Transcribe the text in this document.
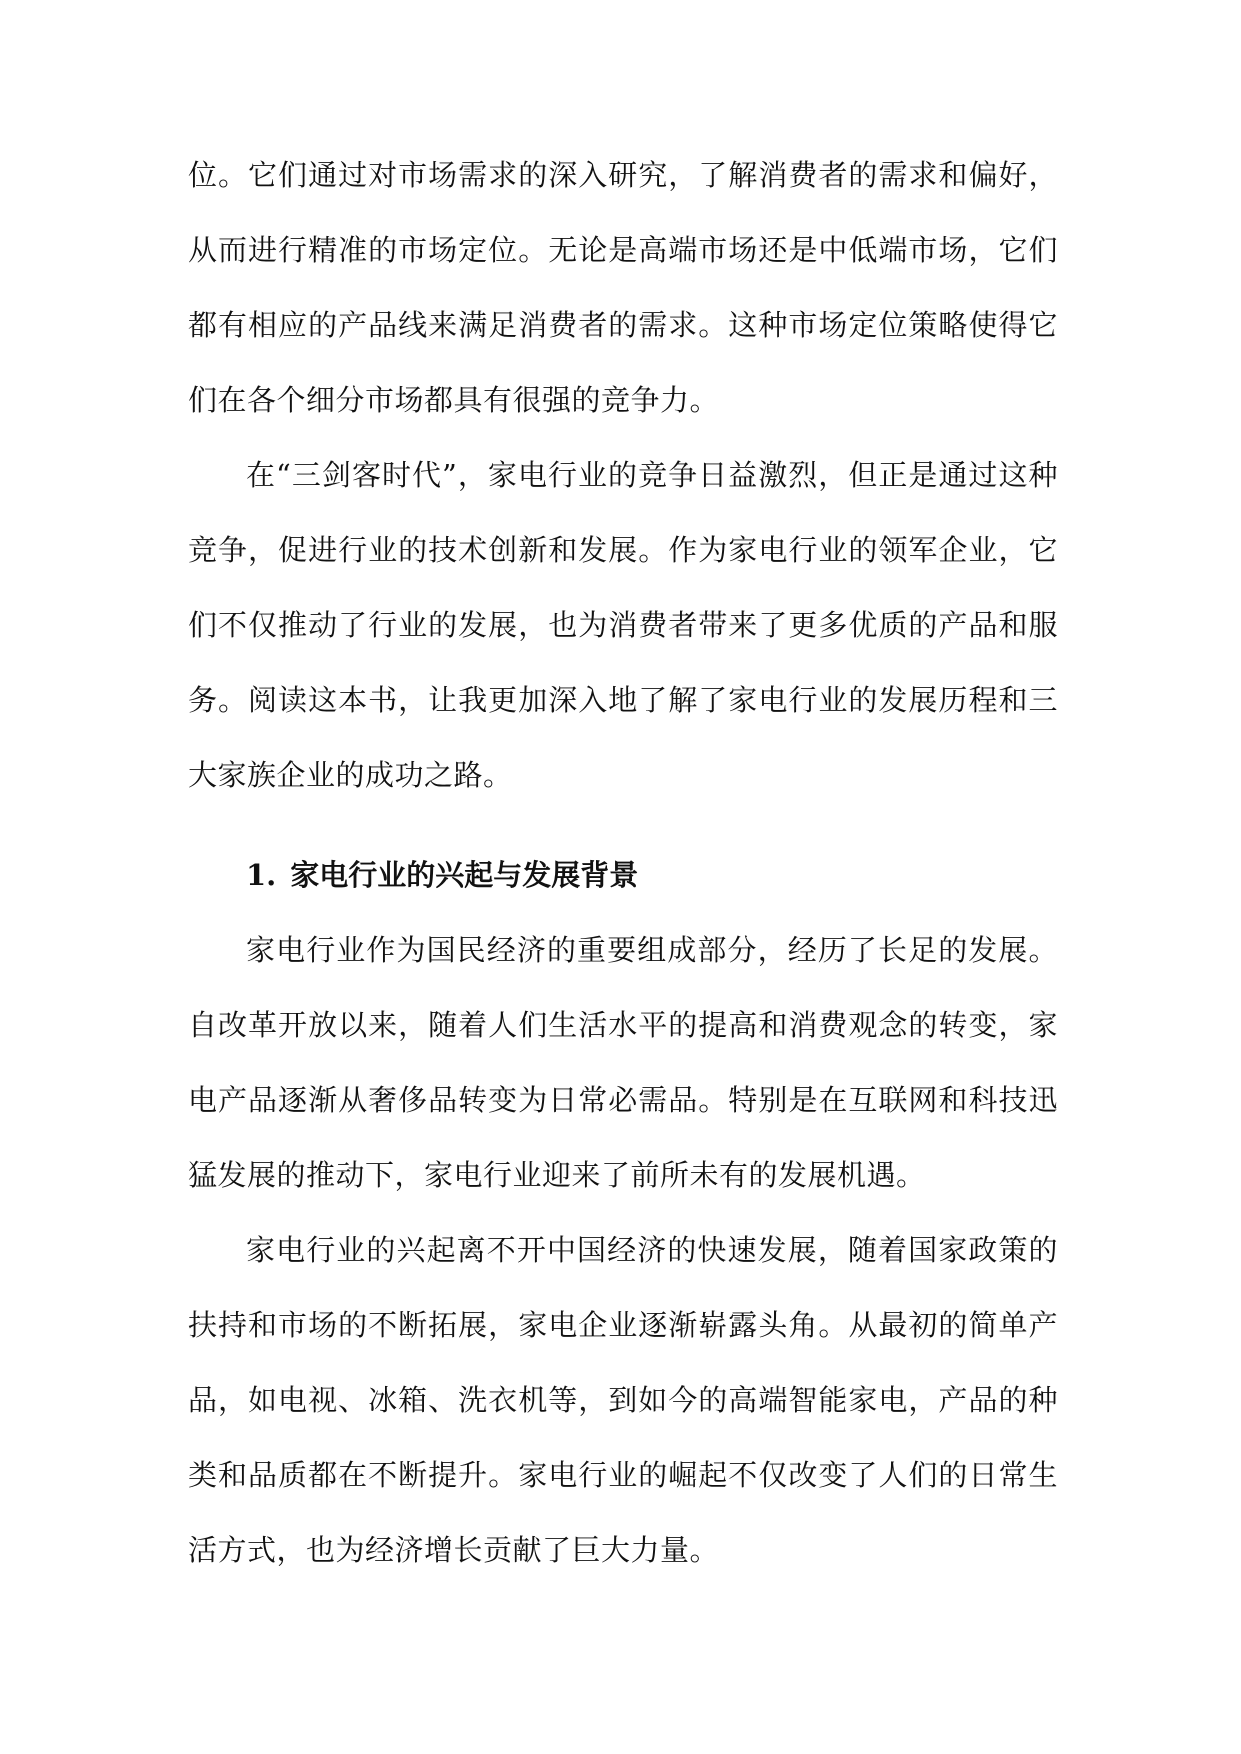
位。它们通过对市场需求的深入研究，了解消费者的需求和偏好，从而进行精准的市场定位。无论是高端市场还是中低端市场，它们都有相应的产品线来满足消费者的需求。这种市场定位策略使得它们在各个细分市场都具有很强的竞争力。

在“三剑客时代”，家电行业的竞争日益激烈，但正是通过这种竞争，促进行业的技术创新和发展。作为家电行业的领军企业，它们不仅推动了行业的发展，也为消费者带来了更多优质的产品和服务。阅读这本书，让我更加深入地了解了家电行业的发展历程和三大家族企业的成功之路。

1. 家电行业的兴起与发展背景

家电行业作为国民经济的重要组成部分，经历了长足的发展。自改革开放以来，随着人们生活水平的提高和消费观念的转变，家电产品逐渐从奢侈品转变为日常必需品。特别是在互联网和科技迅猛发展的推动下，家电行业迎来了前所未有的发展机遇。

家电行业的兴起离不开中国经济的快速发展，随着国家政策的扶持和市场的不断拓展，家电企业逐渐崭露头角。从最初的简单产品，如电视、冰箱、洗衣机等，到如今的高端智能家电，产品的种类和品质都在不断提升。家电行业的崛起不仅改变了人们的日常生活方式，也为经济增长贡献了巨大力量。
